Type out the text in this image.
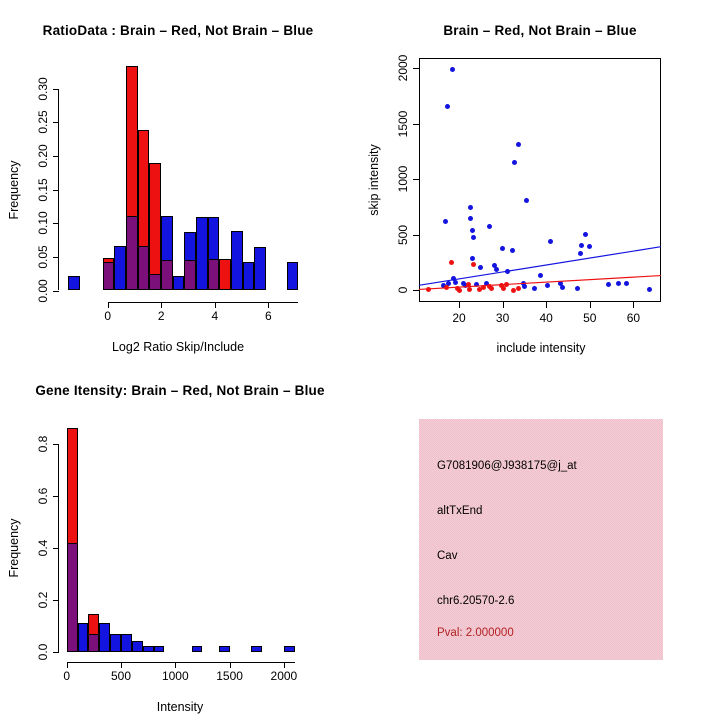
RatioData : Brain – Red, Not Brain – Blue
Frequency
Log2 Ratio Skip/Include
0.00
0.05
0.10
0.15
0.20
0.25
0.30
0	2	4	6
Brain – Red, Not Brain – Blue
skip intensity
include intensity
20	30	40	50	60
0
500
1000
1500
2000
Gene Itensity: Brain – Red, Not Brain – Blue
Frequency
Intensity
0.0
0.2
0.4
0.6
0.8
0	500	1000 1500 2000
G7081906@J938175@j_at
altTxEnd
Cav
chr6.20570-2.6
Pval: 2.000000
